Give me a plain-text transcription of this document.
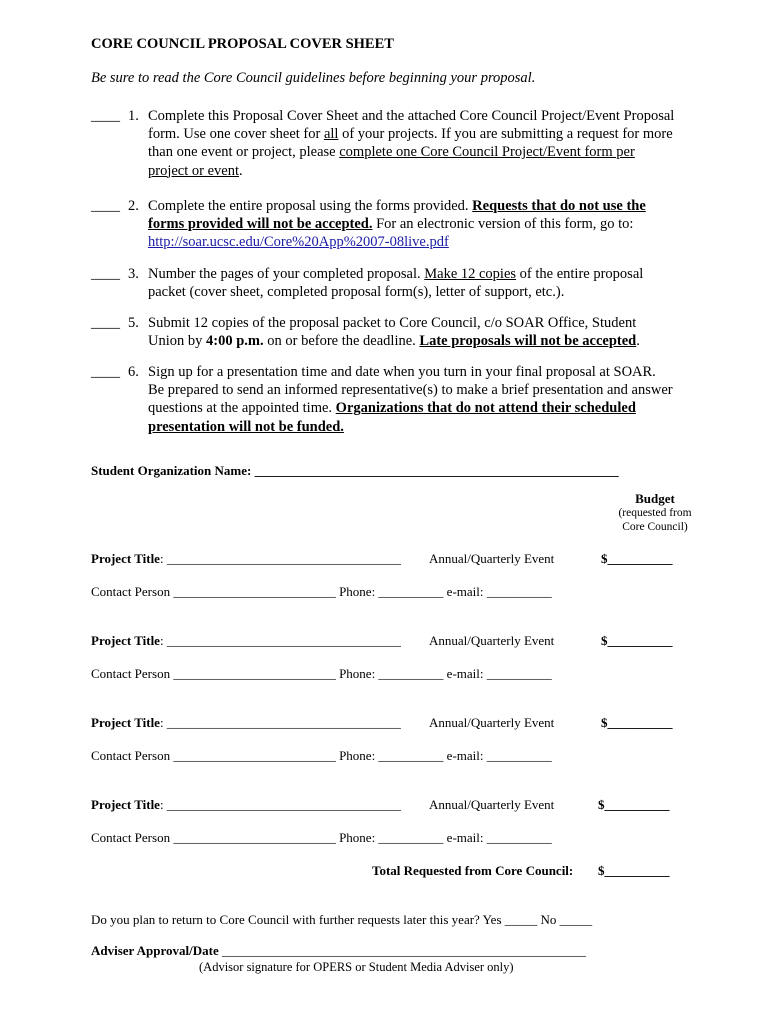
CORE COUNCIL PROPOSAL COVER SHEET
Be sure to read the Core Council guidelines before beginning your proposal.
____ 1. Complete this Proposal Cover Sheet and the attached Core Council Project/Event Proposal
form. Use one cover sheet for all of your projects. If you are submitting a request for more
than one event or project, please complete one Core Council Project/Event form per
project or event.
____ 2. Complete the entire proposal using the forms provided. Requests that do not use the
forms provided will not be accepted. For an electronic version of this form, go to:
http://soar.ucsc.edu/Core%20App%2007-08live.pdf
____ 3. Number the pages of your completed proposal. Make 12 copies of the entire proposal
packet (cover sheet, completed proposal form(s), letter of support, etc.).
____ 5. Submit 12 copies of the proposal packet to Core Council, c/o SOAR Office, Student
Union by 4:00 p.m. on or before the deadline. Late proposals will not be accepted.
____ 6. Sign up for a presentation time and date when you turn in your final proposal at SOAR.
Be prepared to send an informed representative(s) to make a brief presentation and answer
questions at the appointed time. Organizations that do not attend their scheduled
presentation will not be funded.
Student Organization Name: ________________________________________________________
Budget
(requested from
Core Council)
Project Title: ____________________________________ Annual/Quarterly Event	$__________
Contact Person _________________________ Phone: __________ e-mail: __________
Project Title: ____________________________________ Annual/Quarterly Event	$__________
Contact Person _________________________ Phone: __________ e-mail: __________
Project Title: ____________________________________ Annual/Quarterly Event	$__________
Contact Person _________________________ Phone: __________ e-mail: __________
Project Title: ____________________________________ Annual/Quarterly Event	$__________
Contact Person _________________________ Phone: __________ e-mail: __________
Total Requested from Core Council: $__________
Do you plan to return to Core Council with further requests later this year? Yes _____ No _____
Adviser Approval/Date ________________________________________________________
(Advisor signature for OPERS or Student Media Adviser only)
